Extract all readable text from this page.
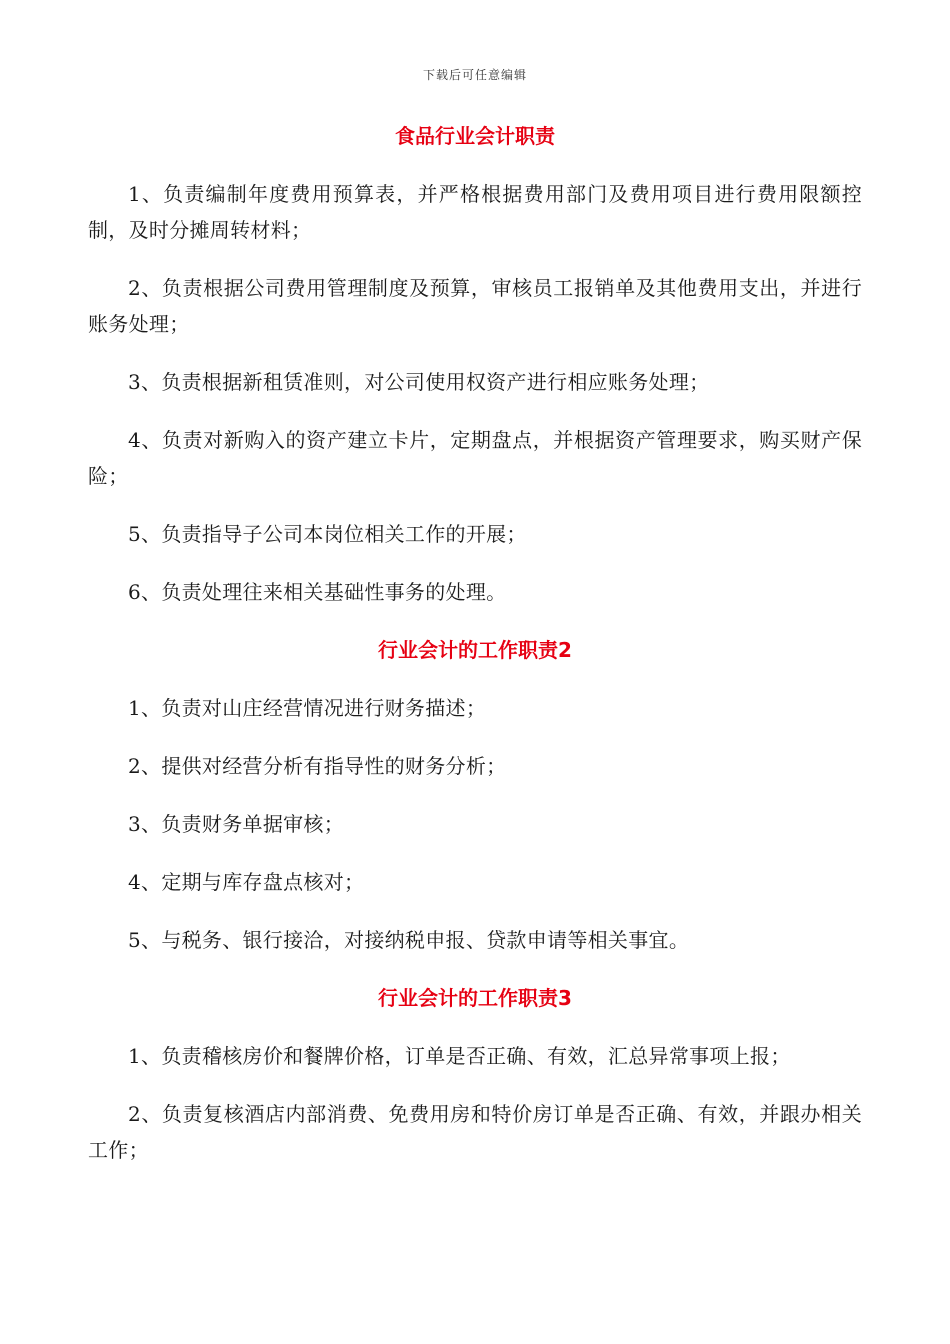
下载后可任意编辑
食品行业会计职责

1、负责编制年度费用预算表，并严格根据费用部门及费用项目进行费用限额控制，及时分摊周转材料；

2、负责根据公司费用管理制度及预算，审核员工报销单及其他费用支出，并进行账务处理；

3、负责根据新租赁准则，对公司使用权资产进行相应账务处理；

4、负责对新购入的资产建立卡片，定期盘点，并根据资产管理要求，购买财产保险；

5、负责指导子公司本岗位相关工作的开展；

6、负责处理往来相关基础性事务的处理。

行业会计的工作职责2

1、负责对山庄经营情况进行财务描述；

2、提供对经营分析有指导性的财务分析；

3、负责财务单据审核；

4、定期与库存盘点核对；

5、与税务、银行接洽，对接纳税申报、贷款申请等相关事宜。

行业会计的工作职责3

1、负责稽核房价和餐牌价格，订单是否正确、有效，汇总异常事项上报；

2、负责复核酒店内部消费、免费用房和特价房订单是否正确、有效，并跟办相关工作；
